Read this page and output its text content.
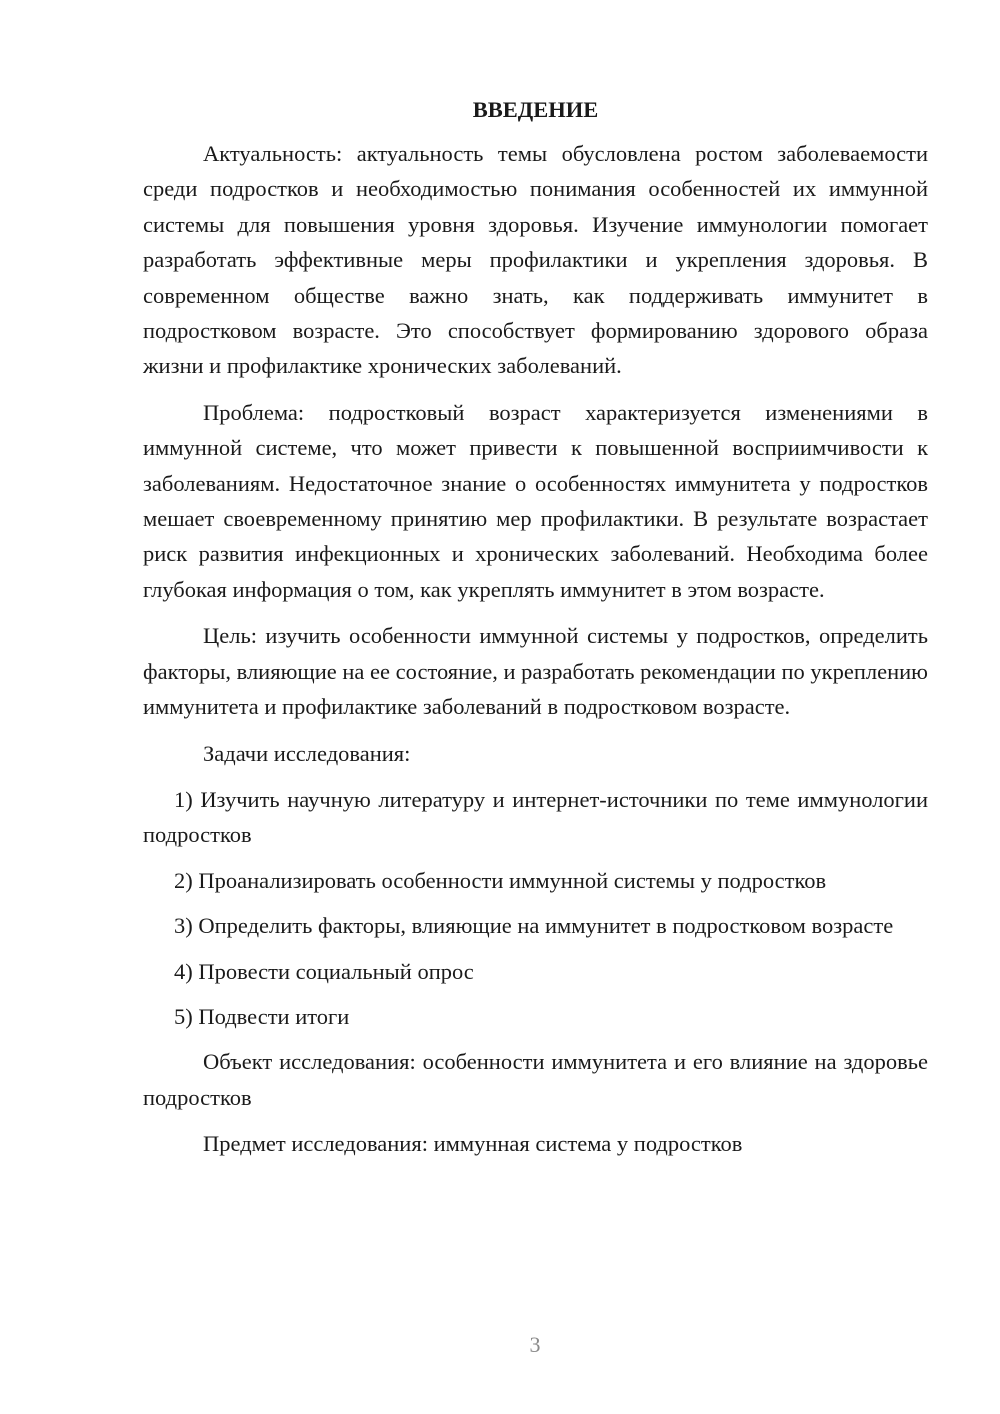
ВВЕДЕНИЕ

Актуальность: актуальность темы обусловлена ростом заболеваемости среди подростков и необходимостью понимания особенностей их иммунной системы для повышения уровня здоровья. Изучение иммунологии помогает разработать эффективные меры профилактики и укрепления здоровья. В современном обществе важно знать, как поддерживать иммунитет в подростковом возрасте. Это способствует формированию здорового образа жизни и профилактике хронических заболеваний.

Проблема: подростковый возраст характеризуется изменениями в иммунной системе, что может привести к повышенной восприимчивости к заболеваниям. Недостаточное знание о особенностях иммунитета у подростков мешает своевременному принятию мер профилактики. В результате возрастает риск развития инфекционных и хронических заболеваний. Необходима более глубокая информация о том, как укреплять иммунитет в этом возрасте.

Цель: изучить особенности иммунной системы у подростков, определить факторы, влияющие на ее состояние, и разработать рекомендации по укреплению иммунитета и профилактике заболеваний в подростковом возрасте.

Задачи исследования:

1) Изучить научную литературу и интернет-источники по теме иммунологии подростков

2) Проанализировать особенности иммунной системы у подростков

3) Определить факторы, влияющие на иммунитет в подростковом возрасте

4) Провести социальный опрос

5) Подвести итоги

Объект исследования: особенности иммунитета и его влияние на здоровье подростков

Предмет исследования: иммунная система у подростков

3
